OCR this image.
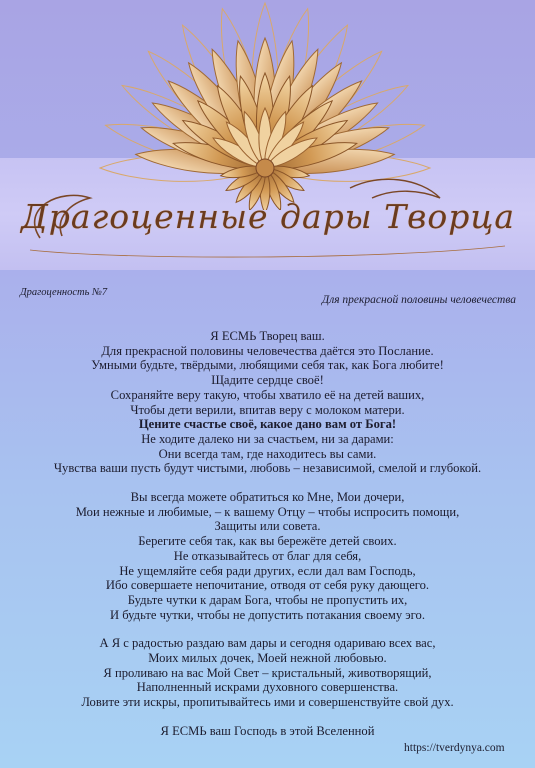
Драгоценные дары Творца
Драгоценность №7
Для прекрасной половины человечества
Я ЕСМЬ Творец ваш.
Для прекрасной половины человечества даётся это Послание.
Умными будьте, твёрдыми, любящими себя так, как Бога любите!
Щадите сердце своё!
Сохраняйте веру такую, чтобы хватило её на детей ваших,
Чтобы дети верили, впитав веру с молоком матери.
Цените счастье своё, какое дано вам от Бога!
Не ходите далеко ни за счастьем, ни за дарами:
Они всегда там, где находитесь вы сами.
Чувства ваши пусть будут чистыми, любовь – независимой, смелой и глубокой.
Вы всегда можете обратиться ко Мне, Мои дочери,
Мои нежные и любимые, – к вашему Отцу – чтобы испросить помощи,
Защиты или совета.
Берегите себя так, как вы бережёте детей своих.
Не отказывайтесь от благ для себя,
Не ущемляйте себя ради других, если дал вам Господь,
Ибо совершаете непочитание, отводя от себя руку дающего.
Будьте чутки к дарам Бога, чтобы не пропустить их,
И будьте чутки, чтобы не допустить потакания своему эго.
А Я с радостью раздаю вам дары и сегодня одариваю всех вас,
Моих милых дочек, Моей нежной любовью.
Я проливаю на вас Мой Свет – кристальный, животворящий,
Наполненный искрами духовного совершенства.
Ловите эти искры, пропитывайтесь ими и совершенствуйте свой дух.
Я ЕСМЬ ваш Господь в этой Вселенной
https://tverdynya.com
